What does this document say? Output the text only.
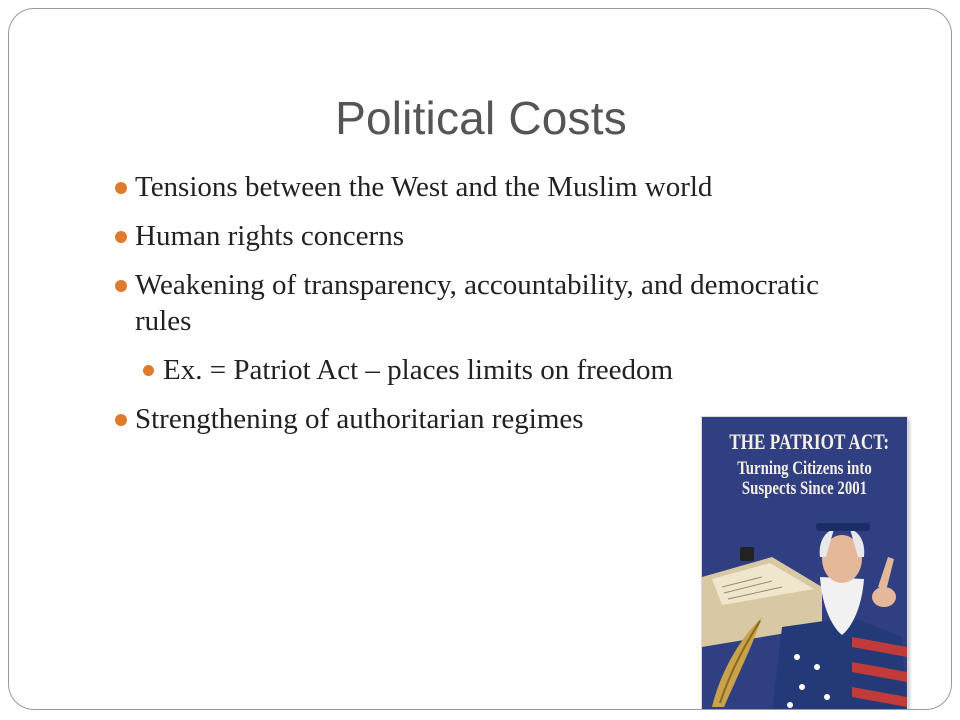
Political Costs
Tensions between the West and the Muslim world
Human rights concerns
Weakening of transparency, accountability, and democratic rules
Ex. = Patriot Act – places limits on freedom
Strengthening of authoritarian regimes
THE PATRIOT ACT:
Turning Citizens into
Suspects Since 2001
